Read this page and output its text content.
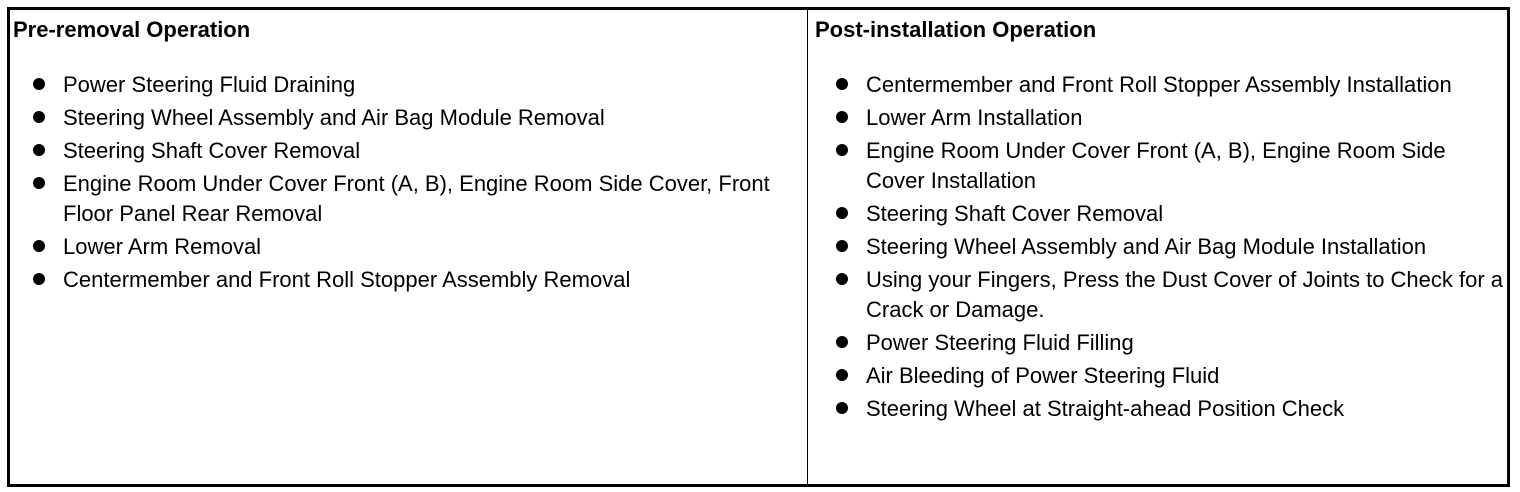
Pre-removal Operation
Power Steering Fluid Draining
Steering Wheel Assembly and Air Bag Module Removal
Steering Shaft Cover Removal
Engine Room Under Cover Front (A, B), Engine Room Side Cover, Front Floor Panel Rear Removal
Lower Arm Removal
Centermember and Front Roll Stopper Assembly Removal
Post-installation Operation
Centermember and Front Roll Stopper Assembly Installation
Lower Arm Installation
Engine Room Under Cover Front (A, B), Engine Room Side Cover Installation
Steering Shaft Cover Removal
Steering Wheel Assembly and Air Bag Module Installation
Using your Fingers, Press the Dust Cover of Joints to Check for a Crack or Damage.
Power Steering Fluid Filling
Air Bleeding of Power Steering Fluid
Steering Wheel at Straight-ahead Position Check
